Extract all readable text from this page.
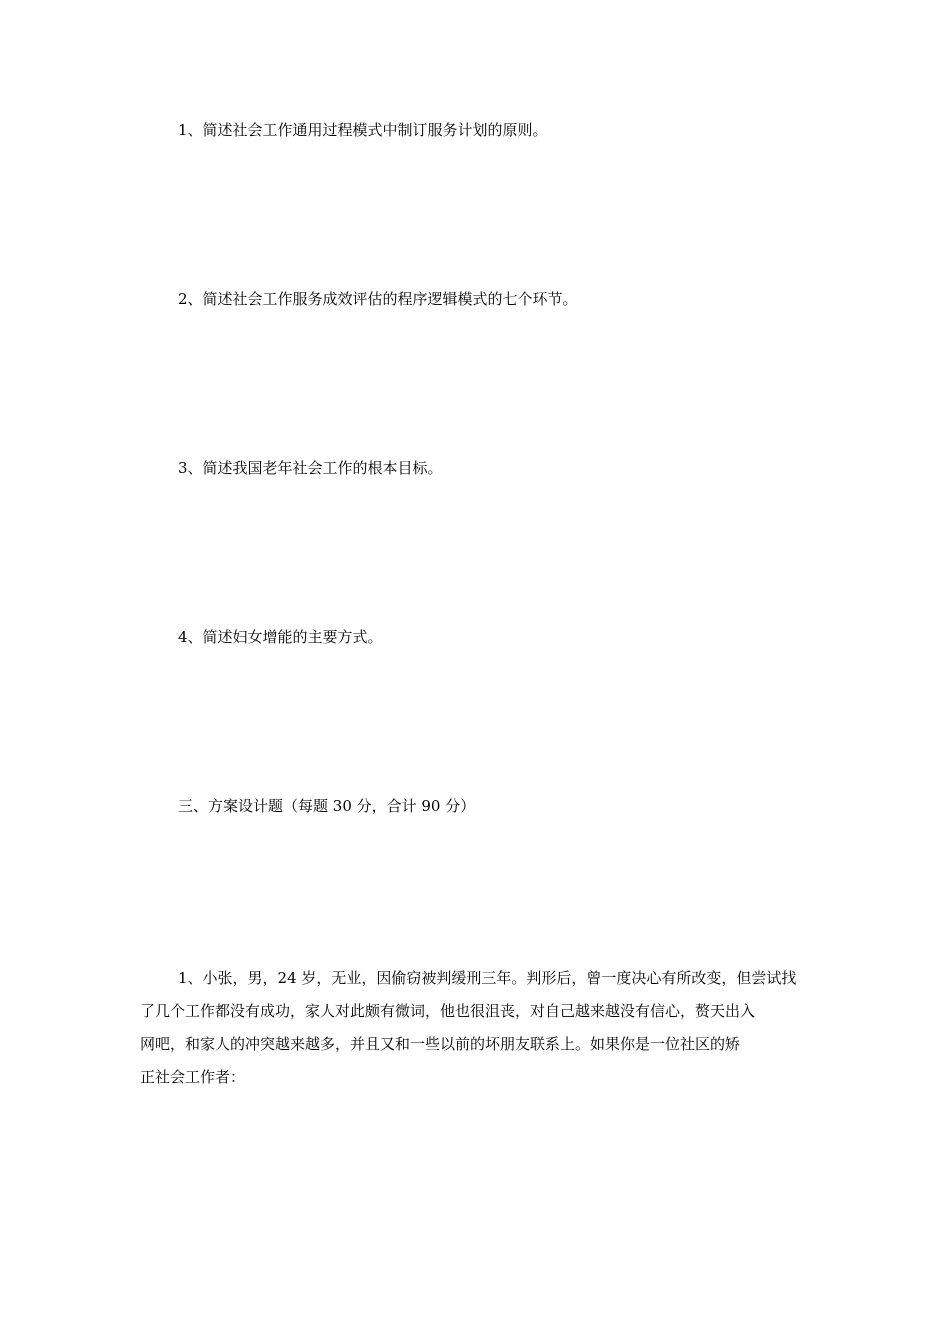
1、简述社会工作通用过程模式中制订服务计划的原则。
2、简述社会工作服务成效评估的程序逻辑模式的七个环节。
3、简述我国老年社会工作的根本目标。
4、简述妇女增能的主要方式。
三、方案设计题（每题 30 分，合计 90 分）
1、小张，男，24 岁，无业，因偷窃被判缓刑三年。判形后，曾一度决心有所改变，但尝试找
了几个工作都没有成功，家人对此颇有微词，他也很沮丧，对自己越来越没有信心，赘天出入
网吧，和家人的冲突越来越多，并且又和一些以前的坏朋友联系上。如果你是一位社区的矫
正社会工作者：
